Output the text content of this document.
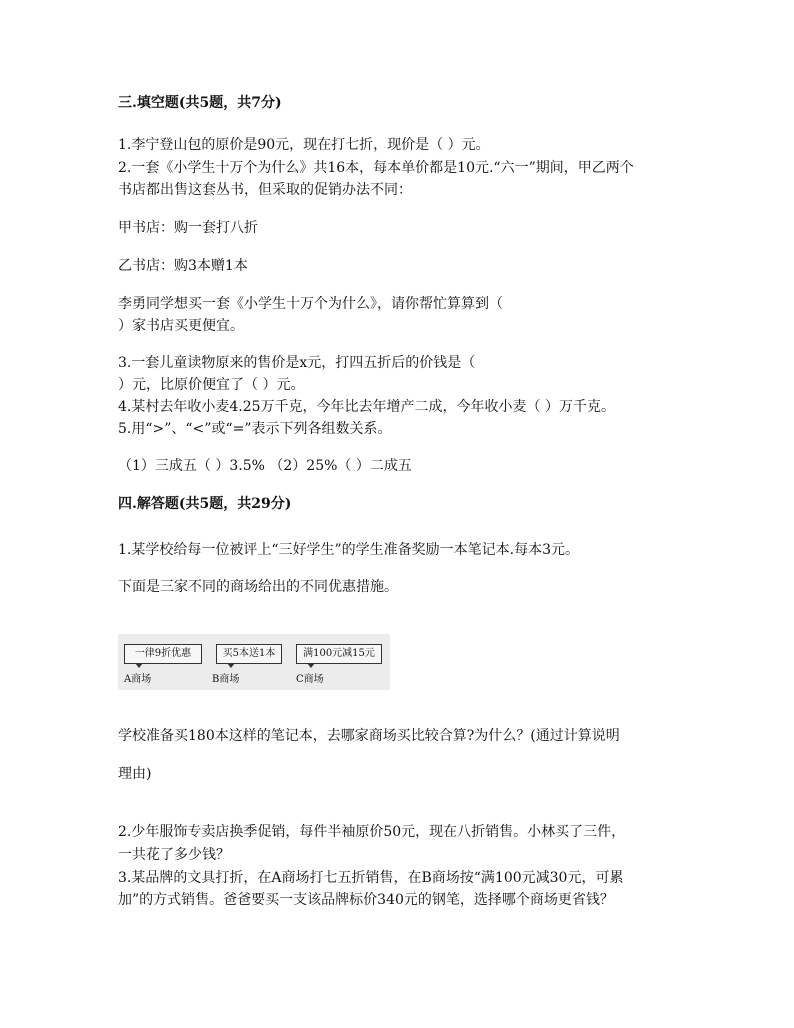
三.填空题(共5题，共7分)
1.李宁登山包的原价是90元，现在打七折，现价是（ ）元。
2.一套《小学生十万个为什么》共16本，每本单价都是10元.“六一”期间，甲乙两个
书店都出售这套丛书，但采取的促销办法不同：
甲书店：购一套打八折
乙书店：购3本赠1本
李勇同学想买一套《小学生十万个为什么》，请你帮忙算算到（
）家书店买更便宜。
3.一套儿童读物原来的售价是x元，打四五折后的价钱是（
）元，比原价便宜了（ ）元。
4.某村去年收小麦4.25万千克，今年比去年增产二成，今年收小麦（ ）万千克。
5.用“>”、“<”或“=”表示下列各组数关系。
（1）三成五（ ）3.5% （2）25%（ ）二成五
四.解答题(共5题，共29分)
1.某学校给每一位被评上“三好学生”的学生准备奖励一本笔记本.每本3元。
下面是三家不同的商场给出的不同优惠措施。
一律9折优惠	买5本送1本	满100元减15元
A商场	B商场	C商场
学校准备买180本这样的笔记本，去哪家商场买比较合算?为什么？(通过计算说明
理由)
2.少年服饰专卖店换季促销，每件半袖原价50元，现在八折销售。小林买了三件，
一共花了多少钱？
3.某品牌的文具打折，在A商场打七五折销售，在B商场按“满100元减30元，可累
加”的方式销售。爸爸要买一支该品牌标价340元的钢笔，选择哪个商场更省钱？
